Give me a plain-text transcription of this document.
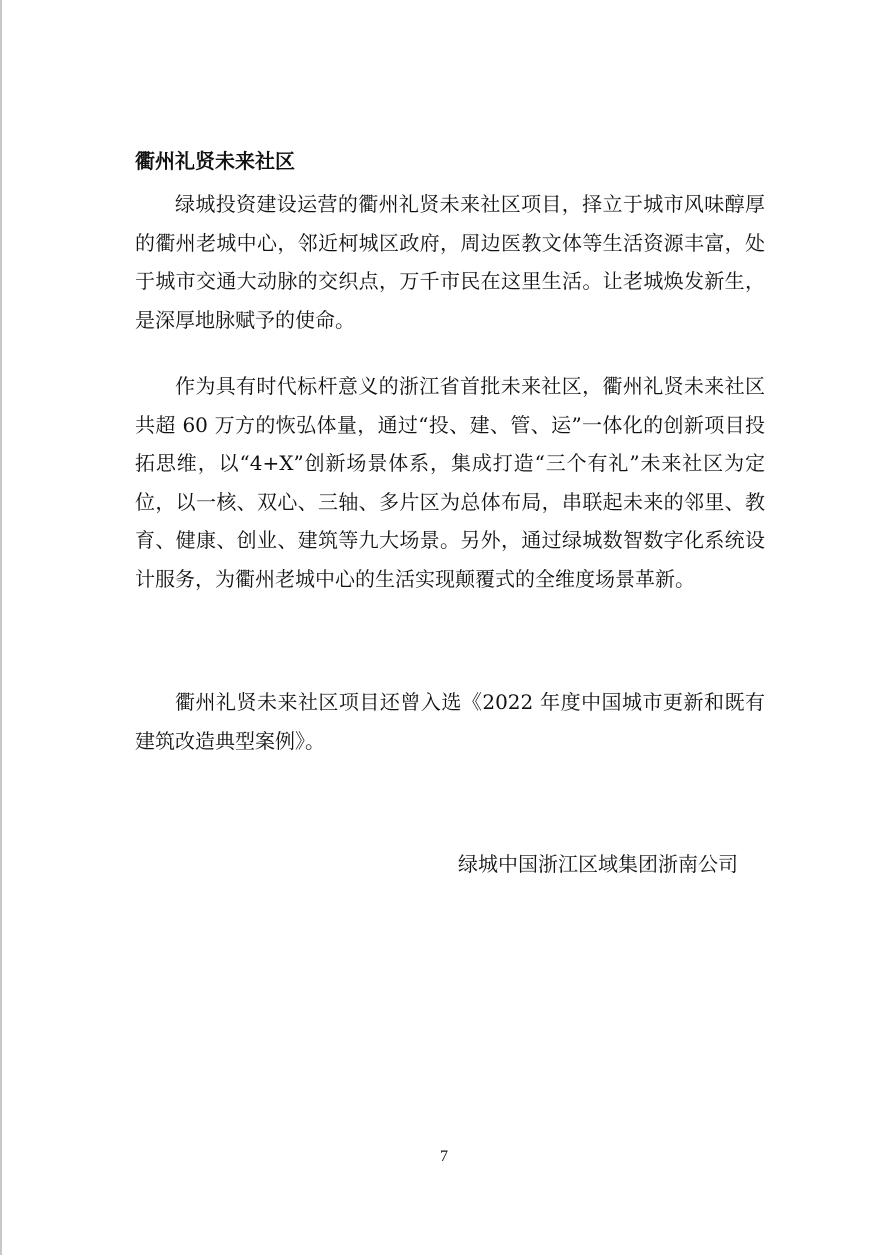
衢州礼贤未来社区

绿城投资建设运营的衢州礼贤未来社区项目，择立于城市风味醇厚的衢州老城中心，邻近柯城区政府，周边医教文体等生活资源丰富，处于城市交通大动脉的交织点，万千市民在这里生活。让老城焕发新生，是深厚地脉赋予的使命。

作为具有时代标杆意义的浙江省首批未来社区，衢州礼贤未来社区共超 60 万方的恢弘体量，通过“投、建、管、运”一体化的创新项目投拓思维，以“4+X”创新场景体系，集成打造“三个有礼”未来社区为定位，以一核、双心、三轴、多片区为总体布局，串联起未来的邻里、教育、健康、创业、建筑等九大场景。另外，通过绿城数智数字化系统设计服务，为衢州老城中心的生活实现颠覆式的全维度场景革新。

衢州礼贤未来社区项目还曾入选《2022 年度中国城市更新和既有建筑改造典型案例》。

绿城中国浙江区域集团浙南公司

7
